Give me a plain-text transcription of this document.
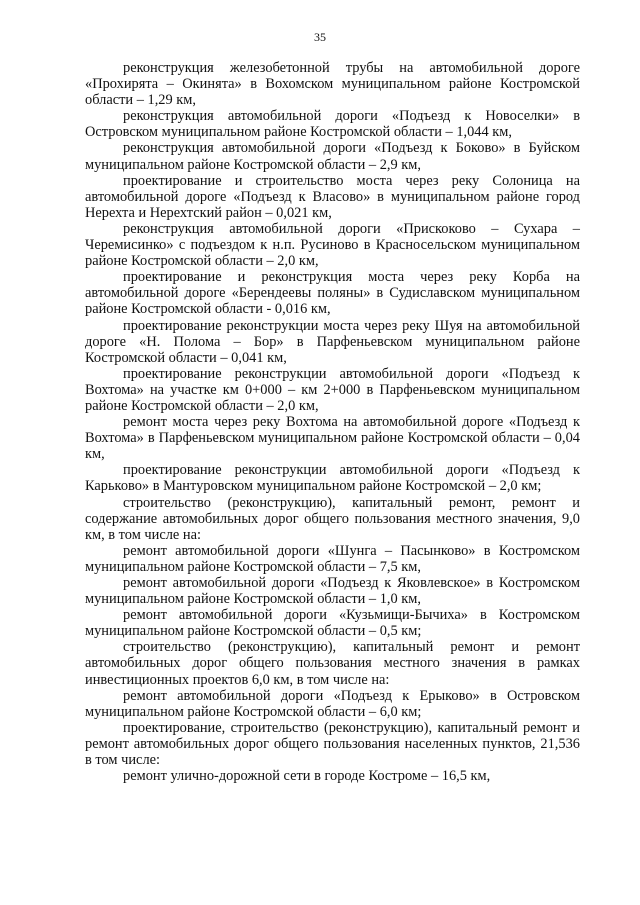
35

реконструкция железобетонной трубы на автомобильной дороге «Прохирята – Окинята» в Вохомском муниципальном районе Костромской области – 1,29 км,

реконструкция автомобильной дороги «Подъезд к Новоселки» в Островском муниципальном районе Костромской области – 1,044 км,

реконструкция автомобильной дороги «Подъезд к Боково» в Буйском муниципальном районе Костромской области – 2,9 км,

проектирование и строительство моста через реку Солоница на автомобильной дороге «Подъезд к Власово» в муниципальном районе город Нерехта и Нерехтский район – 0,021 км,

реконструкция автомобильной дороги «Прискоково – Сухара – Черемисинко» с подъездом к н.п. Русиново в Красносельском муниципальном районе Костромской области – 2,0 км,

проектирование и реконструкция моста через реку Корба на автомобильной дороге «Берендеевы поляны» в Судиславском муниципальном районе Костромской области - 0,016 км,

проектирование реконструкции моста через реку Шуя на автомобильной дороге «Н. Полома – Бор» в Парфеньевском муниципальном районе Костромской области – 0,041 км,

проектирование реконструкции автомобильной дороги «Подъезд к Вохтома» на участке км 0+000 – км 2+000 в Парфеньевском муниципальном районе Костромской области – 2,0 км,

ремонт моста через реку Вохтома на автомобильной дороге «Подъезд к Вохтома» в Парфеньевском муниципальном районе Костромской области – 0,04 км,

проектирование реконструкции автомобильной дороги «Подъезд к Карьково» в Мантуровском муниципальном районе Костромской – 2,0 км;

строительство (реконструкцию), капитальный ремонт, ремонт и содержание автомобильных дорог общего пользования местного значения, 9,0 км, в том числе на:

ремонт автомобильной дороги «Шунга – Пасынково» в Костромском муниципальном районе Костромской области – 7,5 км,

ремонт автомобильной дороги «Подъезд к Яковлевское» в Костромском муниципальном районе Костромской области – 1,0 км,

ремонт автомобильной дороги «Кузьмищи-Бычиха» в Костромском муниципальном районе Костромской области – 0,5 км;

строительство (реконструкцию), капитальный ремонт и ремонт автомобильных дорог общего пользования местного значения в рамках инвестиционных проектов 6,0 км, в том числе на:

ремонт автомобильной дороги «Подъезд к Ерыково» в Островском муниципальном районе Костромской области – 6,0 км;

проектирование, строительство (реконструкцию), капитальный ремонт и ремонт автомобильных дорог общего пользования населенных пунктов, 21,536 в том числе:

ремонт улично-дорожной сети в городе Костроме – 16,5 км,
